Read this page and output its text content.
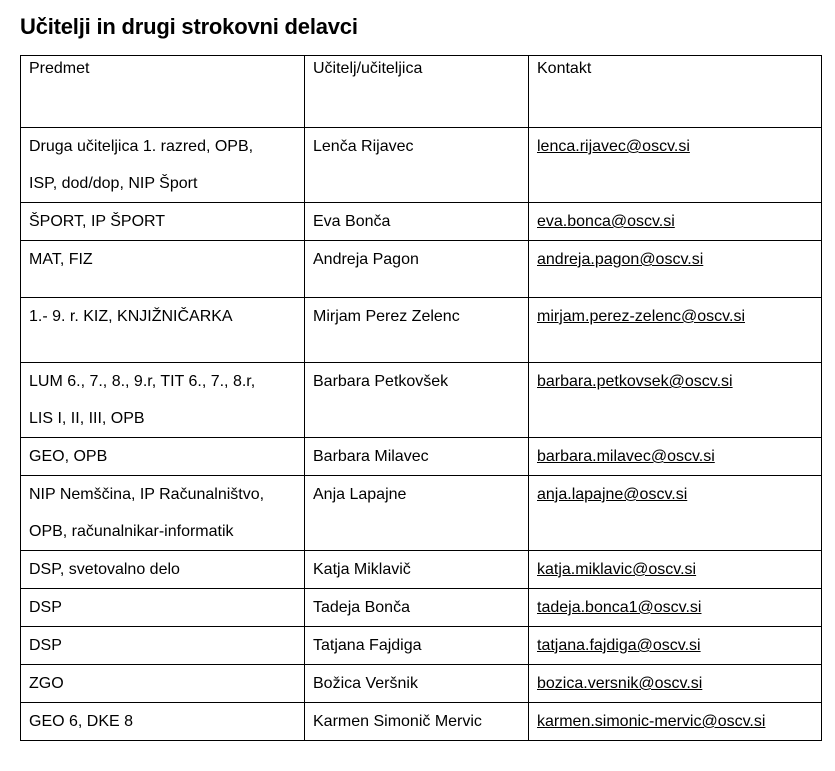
Učitelji in drugi strokovni delavci
Predmet	Učitelj/učiteljica	Kontakt

Druga učiteljica 1. razred, OPB,
ISP, dod/dop, NIP Šport	Lenča Rijavec	lenca.rijavec@oscv.si

ŠPORT, IP ŠPORT	Eva Bonča	eva.bonca@oscv.si

MAT, FIZ	Andreja Pagon	andreja.pagon@oscv.si

1.- 9. r. KIZ, KNJIŽNIČARKA	Mirjam Perez Zelenc	mirjam.perez-zelenc@oscv.si

LUM 6., 7., 8., 9.r, TIT 6., 7., 8.r,
LIS I, II, III, OPB	Barbara Petkovšek	barbara.petkovsek@oscv.si

GEO, OPB	Barbara Milavec	barbara.milavec@oscv.si

NIP Nemščina, IP Računalništvo,
OPB, računalnikar-informatik	Anja Lapajne	anja.lapajne@oscv.si

DSP, svetovalno delo	Katja Miklavič	katja.miklavic@oscv.si

DSP	Tadeja Bonča	tadeja.bonca1@oscv.si

DSP	Tatjana Fajdiga	tatjana.fajdiga@oscv.si

ZGO	Božica Veršnik	bozica.versnik@oscv.si

GEO 6, DKE 8	Karmen Simonič Mervic	karmen.simonic-mervic@oscv.si
